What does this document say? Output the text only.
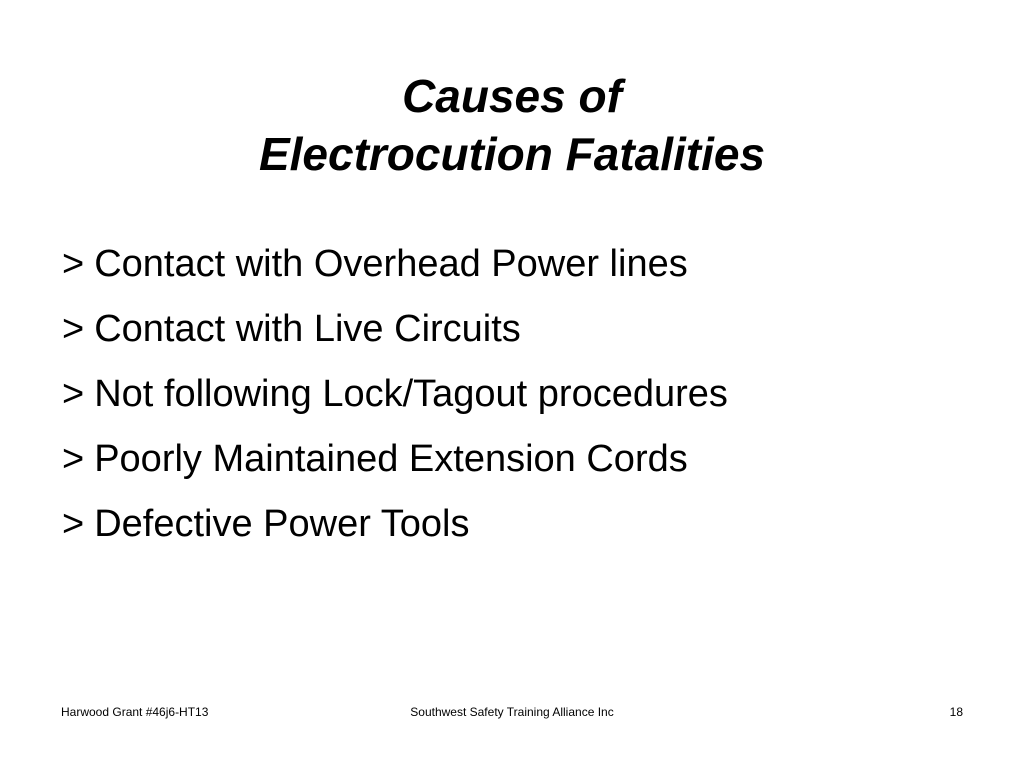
Causes of
Electrocution Fatalities
> Contact with Overhead Power lines
> Contact with Live Circuits
> Not following Lock/Tagout procedures
> Poorly Maintained Extension Cords
> Defective Power Tools
Harwood Grant #46j6-HT13	Southwest Safety Training Alliance Inc	18
